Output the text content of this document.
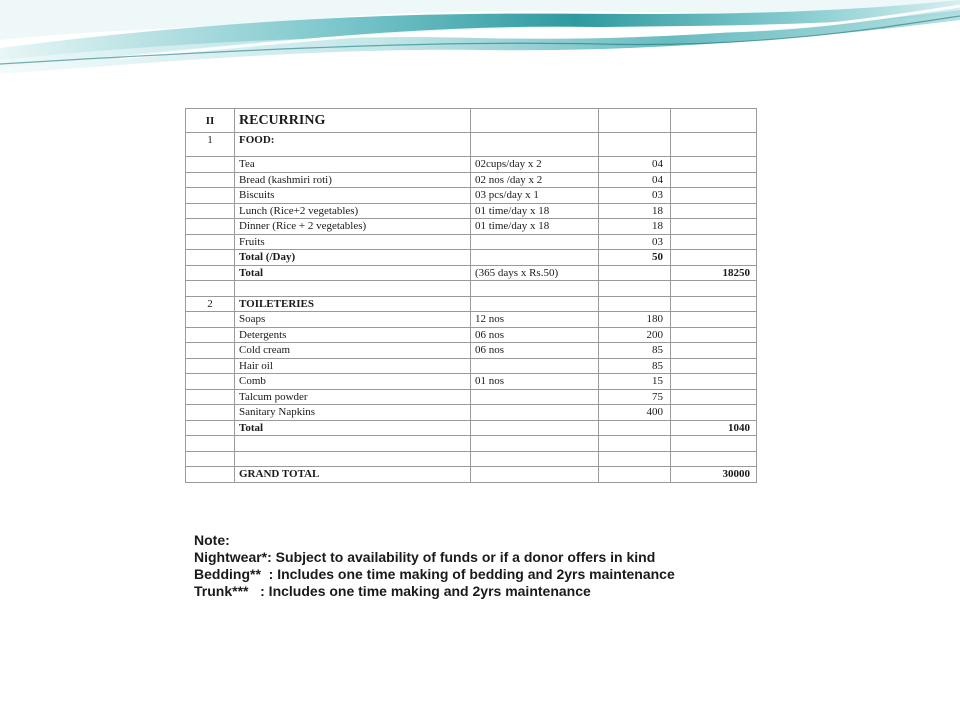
II	RECURRING			
1	FOOD:			
	Tea	02cups/day x 2	04	
	Bread (kashmiri roti)	02 nos /day x 2	04	
	Biscuits	03 pcs/day x 1	03	
	Lunch (Rice+2 vegetables)	01 time/day x 18	18	
	Dinner (Rice + 2 vegetables)	01 time/day x 18	18	
	Fruits		03	
	Total (/Day)		50	
	Total	(365 days x Rs.50)		18250

2	TOILETERIES			
	Soaps	12 nos	180	
	Detergents	06 nos	200	
	Cold cream	06 nos	85	
	Hair oil		85	
	Comb	01 nos	15	
	Talcum powder		75	
	Sanitary Napkins		400	
	Total			1040

	GRAND TOTAL			30000
Note:
Nightwear*: Subject to availability of funds or if a donor offers in kind
Bedding**  : Includes one time making of bedding and 2yrs maintenance
Trunk***   : Includes one time making and 2yrs maintenance
